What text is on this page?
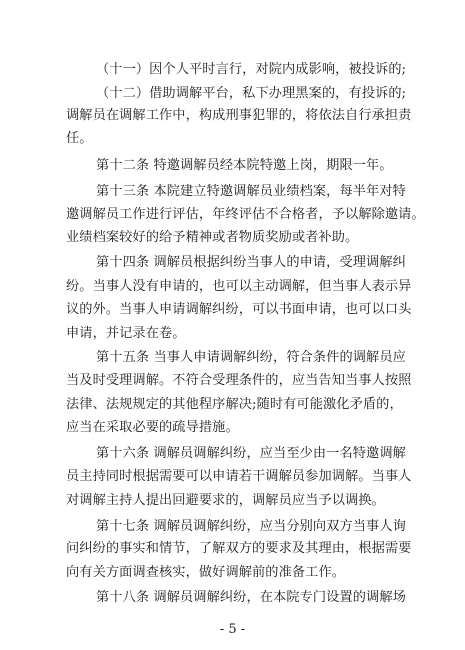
（十一）因个人平时言行，对院内成影响，被投诉的;
（十二）借助调解平台，私下办理黑案的，有投诉的;
调解员在调解工作中，构成刑事犯罪的，将依法自行承担责
任。
第十二条 特邀调解员经本院特邀上岗，期限一年。
第十三条 本院建立特邀调解员业绩档案，每半年对特
邀调解员工作进行评估，年终评估不合格者，予以解除邀请。
业绩档案较好的给予精神或者物质奖励或者补助。
第十四条 调解员根据纠纷当事人的申请，受理调解纠
纷。当事人没有申请的，也可以主动调解，但当事人表示异
议的外。当事人申请调解纠纷，可以书面申请，也可以口头
申请，并记录在卷。
第十五条 当事人申请调解纠纷，符合条件的调解员应
当及时受理调解。不符合受理条件的，应当告知当事人按照
法律、法规规定的其他程序解决;随时有可能激化矛盾的，
应当在采取必要的疏导措施。
第十六条 调解员调解纠纷，应当至少由一名特邀调解
员主持同时根据需要可以申请若干调解员参加调解。当事人
对调解主持人提出回避要求的，调解员应当予以调换。
第十七条 调解员调解纠纷，应当分别向双方当事人询
问纠纷的事实和情节，了解双方的要求及其理由，根据需要
向有关方面调查核实，做好调解前的准备工作。
第十八条 调解员调解纠纷，在本院专门设置的调解场
- 5 -
